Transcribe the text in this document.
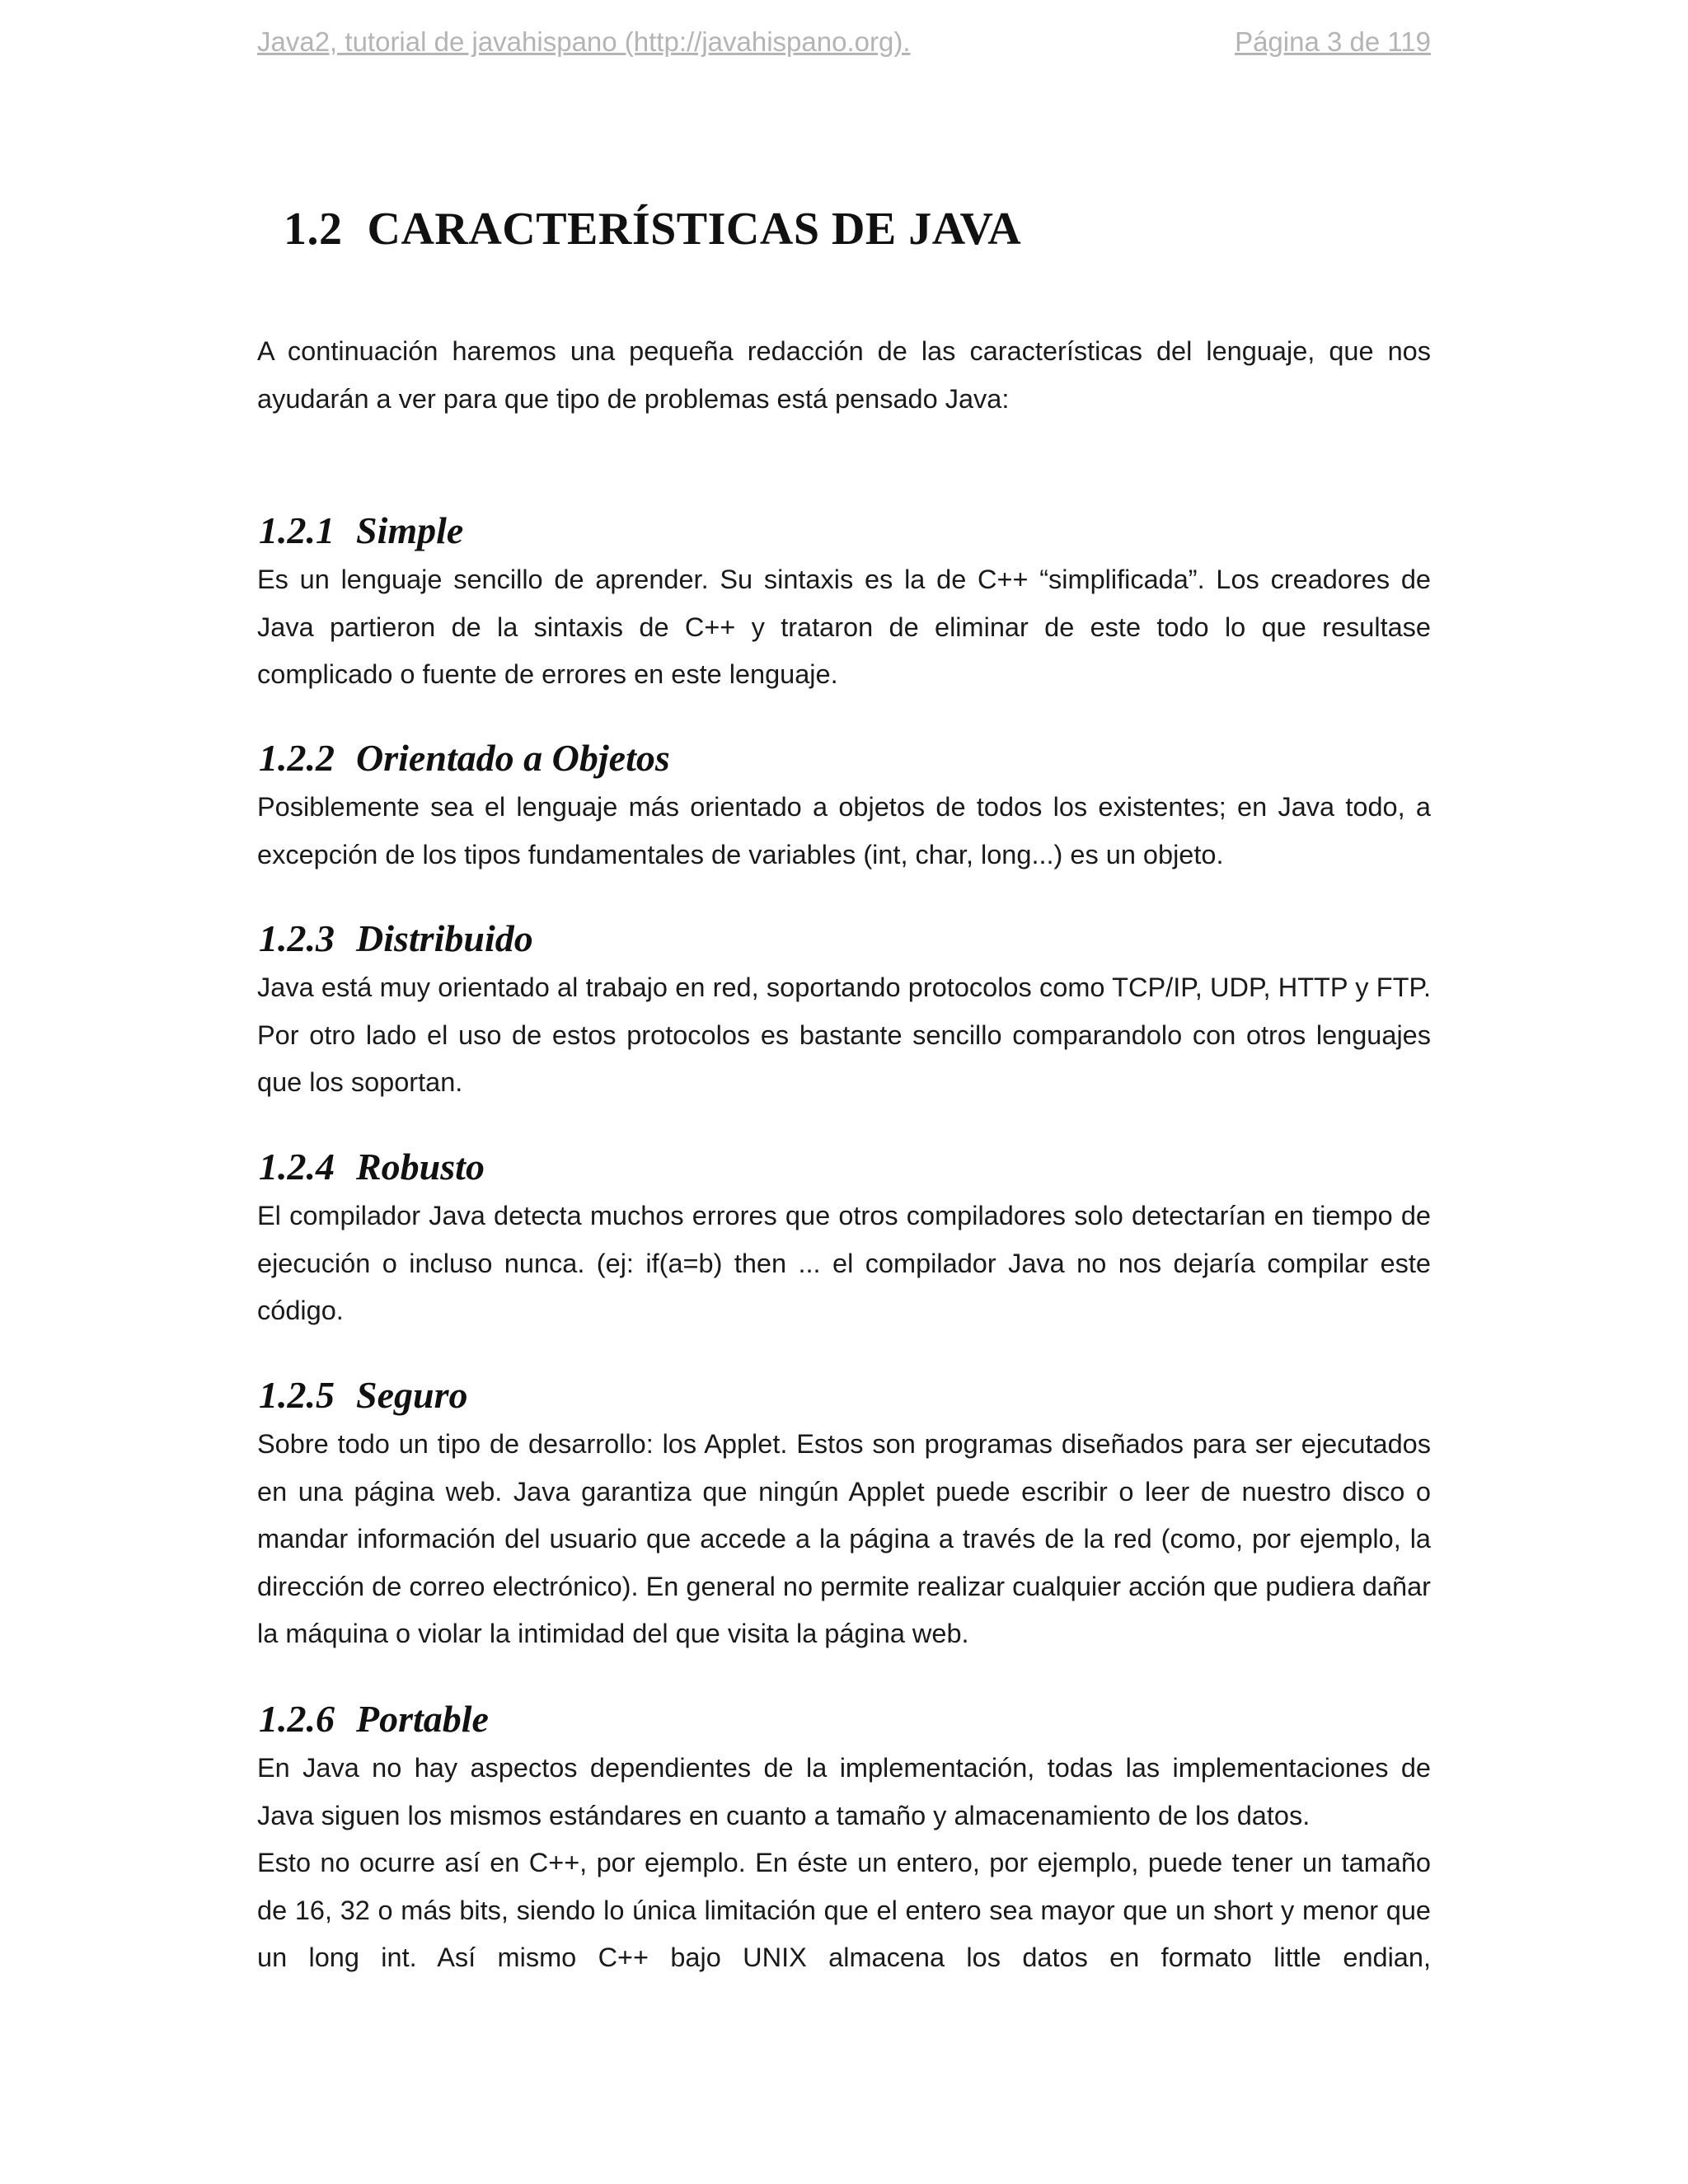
Java2, tutorial de javahispano (http://javahispano.org).	Página 3 de 119
1.2 CARACTERÍSTICAS DE JAVA

A continuación haremos una pequeña redacción de las características del lenguaje, que nos ayudarán a ver para que tipo de problemas está pensado Java:

1.2.1 Simple

Es un lenguaje sencillo de aprender. Su sintaxis es la de C++ “simplificada”. Los creadores de Java partieron de la sintaxis de C++ y trataron de eliminar de este todo lo que resultase complicado o fuente de errores en este lenguaje.

1.2.2 Orientado a Objetos

Posiblemente sea el lenguaje más orientado a objetos de todos los existentes; en Java todo, a excepción de los tipos fundamentales de variables (int, char, long...) es un objeto.

1.2.3 Distribuido

Java está muy orientado al trabajo en red, soportando protocolos como TCP/IP, UDP, HTTP y FTP. Por otro lado el uso de estos protocolos es bastante sencillo comparandolo con otros lenguajes que los soportan.

1.2.4 Robusto

El compilador Java detecta muchos errores que otros compiladores solo detectarían en tiempo de ejecución o incluso nunca. (ej: if(a=b) then ... el compilador Java no nos dejaría compilar este código.

1.2.5 Seguro

Sobre todo un tipo de desarrollo: los Applet. Estos son programas diseñados para ser ejecutados en una página web. Java garantiza que ningún Applet puede escribir o leer de nuestro disco o mandar información del usuario que accede a la página a través de la red (como, por ejemplo, la dirección de correo electrónico). En general no permite realizar cualquier acción que pudiera dañar la máquina o violar la intimidad del que visita la página web.

1.2.6 Portable

En Java no hay aspectos dependientes de la implementación, todas las implementaciones de Java siguen los mismos estándares en cuanto a tamaño y almacenamiento de los datos.

Esto no ocurre así en C++, por ejemplo. En éste un entero, por ejemplo, puede tener un tamaño de 16, 32 o más bits, siendo lo única limitación que el entero sea mayor que un short y menor que un long int. Así mismo C++ bajo UNIX almacena los datos en formato little endian,
